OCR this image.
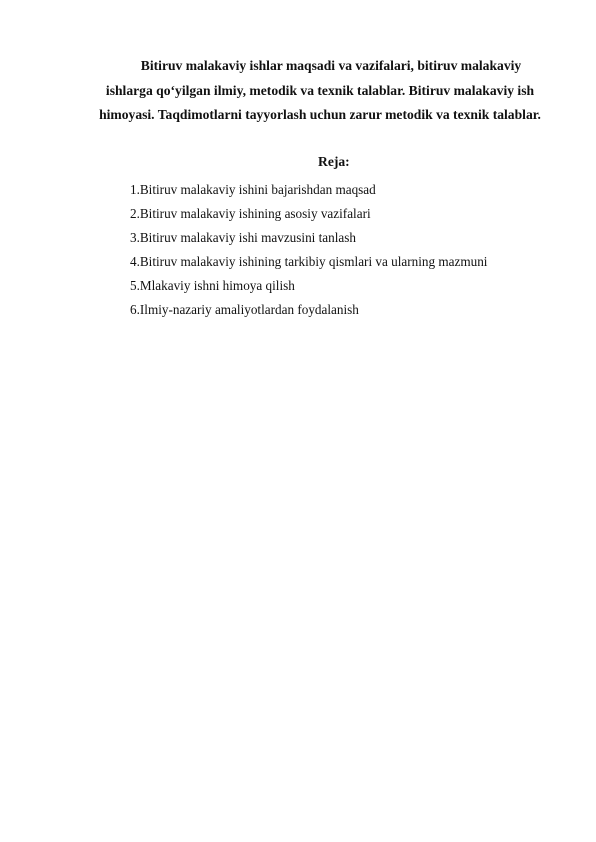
Bitiruv malakaviy ishlar maqsadi va vazifalari, bitiruv malakaviy
ishlarga qo‘yilgan ilmiy, metodik va texnik talablar. Bitiruv malakaviy ish
himoyasi. Taqdimotlarni tayyorlash uchun zarur metodik va texnik talablar.
Reja:
1.Bitiruv malakaviy ishini bajarishdan maqsad
2.Bitiruv malakaviy ishining asosiy vazifalari
3.Bitiruv malakaviy ishi mavzusini tanlash
4.Bitiruv malakaviy ishining tarkibiy qismlari va ularning mazmuni
5.Mlakaviy ishni himoya qilish
6.Ilmiy-nazariy amaliyotlardan foydalanish
